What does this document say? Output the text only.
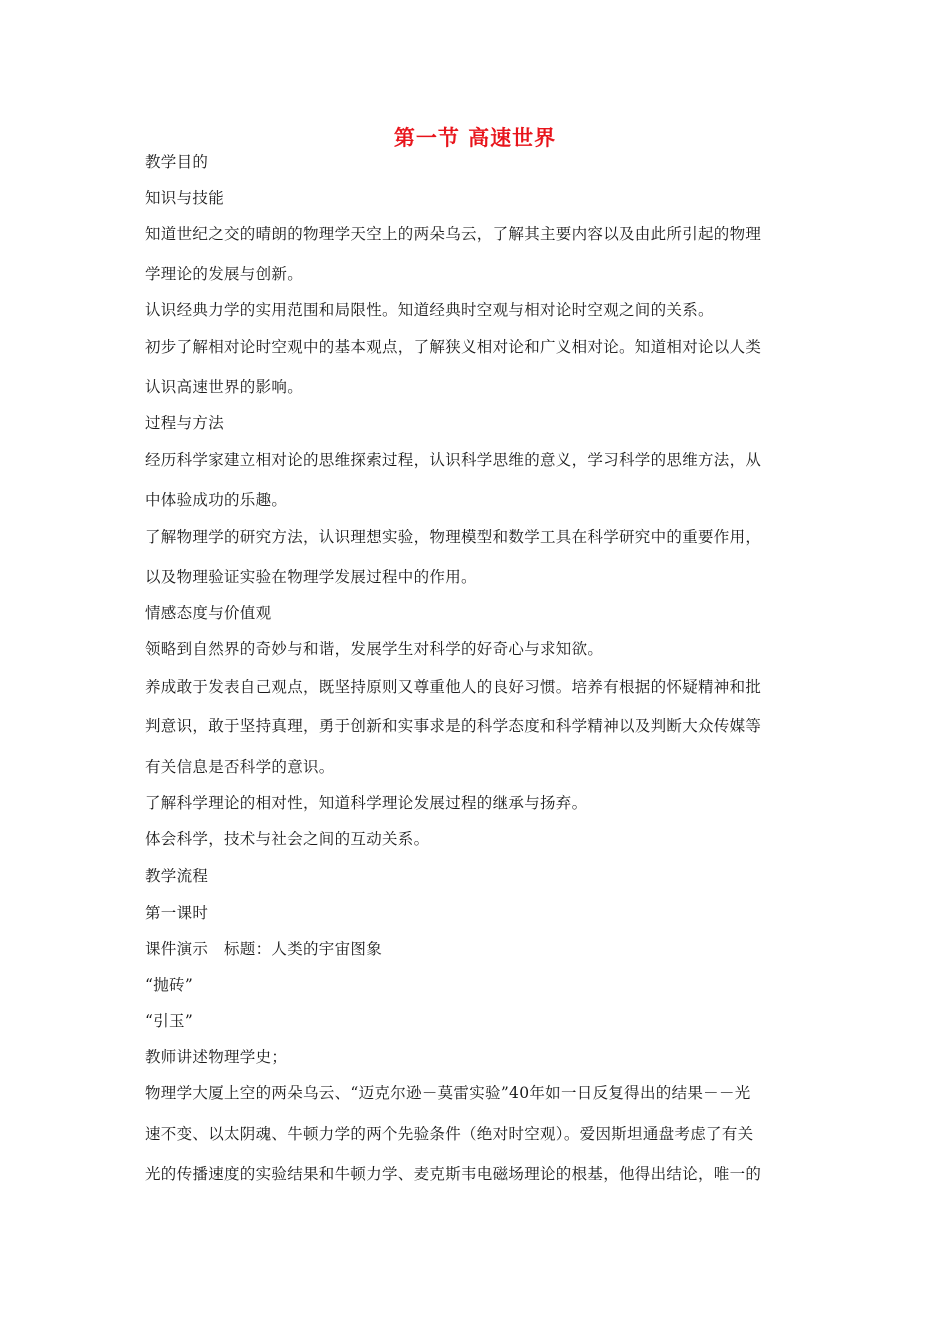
第一节 高速世界
教学目的
知识与技能
知道世纪之交的晴朗的物理学天空上的两朵乌云，了解其主要内容以及由此所引起的物理
学理论的发展与创新。
认识经典力学的实用范围和局限性。知道经典时空观与相对论时空观之间的关系。
初步了解相对论时空观中的基本观点，了解狭义相对论和广义相对论。知道相对论以人类
认识高速世界的影响。
过程与方法
经历科学家建立相对论的思维探索过程，认识科学思维的意义，学习科学的思维方法，从
中体验成功的乐趣。
了解物理学的研究方法，认识理想实验，物理模型和数学工具在科学研究中的重要作用，
以及物理验证实验在物理学发展过程中的作用。
情感态度与价值观
领略到自然界的奇妙与和谐，发展学生对科学的好奇心与求知欲。
养成敢于发表自己观点，既坚持原则又尊重他人的良好习惯。培养有根据的怀疑精神和批
判意识，敢于坚持真理，勇于创新和实事求是的科学态度和科学精神以及判断大众传媒等
有关信息是否科学的意识。
了解科学理论的相对性，知道科学理论发展过程的继承与扬弃。
体会科学，技术与社会之间的互动关系。
教学流程
第一课时
课件演示　标题：人类的宇宙图象
“抛砖”
“引玉”
教师讲述物理学史；
物理学大厦上空的两朵乌云、“迈克尔逊－莫雷实验”40年如一日反复得出的结果－－光
速不变、以太阴魂、牛顿力学的两个先验条件（绝对时空观）。爱因斯坦通盘考虑了有关
光的传播速度的实验结果和牛顿力学、麦克斯韦电磁场理论的根基，他得出结论，唯一的
